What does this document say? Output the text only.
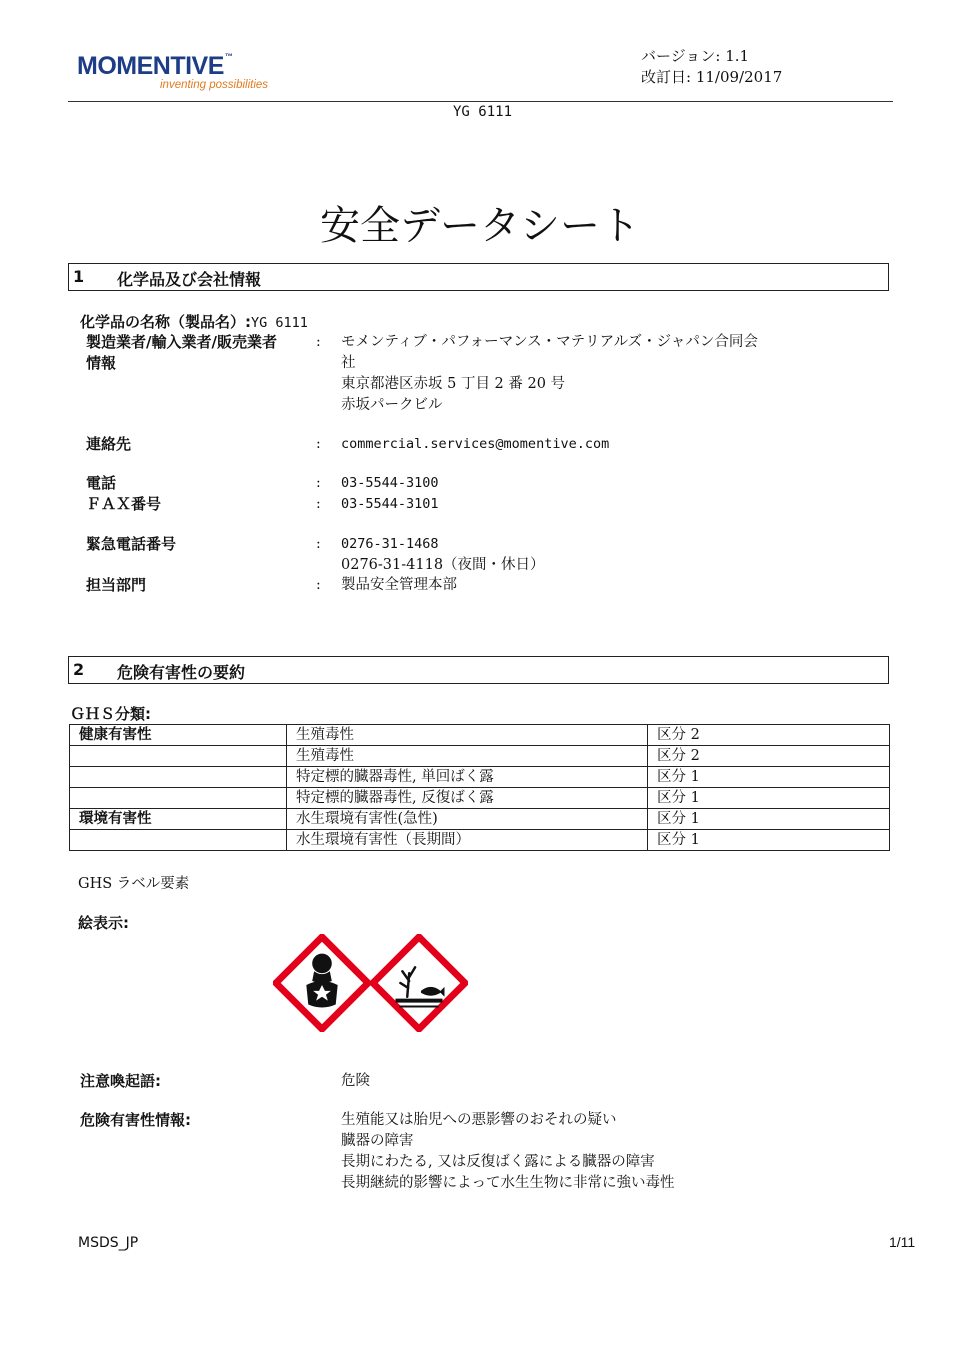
MOMENTIVE™
inventing possibilities
バージョン: 1.1
改訂日: 11/09/2017
YG 6111
安全データシート
1 化学品及び会社情報
化学品の名称（製品名）:YG 6111
製造業者/輸入業者/販売業者
情報
: モメンティブ・パフォーマンス・マテリアルズ・ジャパン合同会
社
東京都港区赤坂 5 丁目 2 番 20 号
赤坂パークビル
連絡先	: commercial.services@momentive.com
電話	: 03-5544-3100
ＦＡＸ番号	: 03-5544-3101
緊急電話番号	: 0276-31-1468
0276-31-4118（夜間・休日）
担当部門	: 製品安全管理本部
2 危険有害性の要約
ＧＨＳ分類:
健康有害性	生殖毒性	区分 2
	生殖毒性	区分 2
	特定標的臓器毒性, 単回ばく露	区分 1
	特定標的臓器毒性, 反復ばく露	区分 1
環境有害性	水生環境有害性(急性)	区分 1
	水生環境有害性（長期間）	区分 1
GHS ラベル要素
絵表示:
注意喚起語:	危険
危険有害性情報:	生殖能又は胎児への悪影響のおそれの疑い
臓器の障害
長期にわたる, 又は反復ばく露による臓器の障害
長期継続的影響によって水生生物に非常に強い毒性
MSDS_JP	1/11
